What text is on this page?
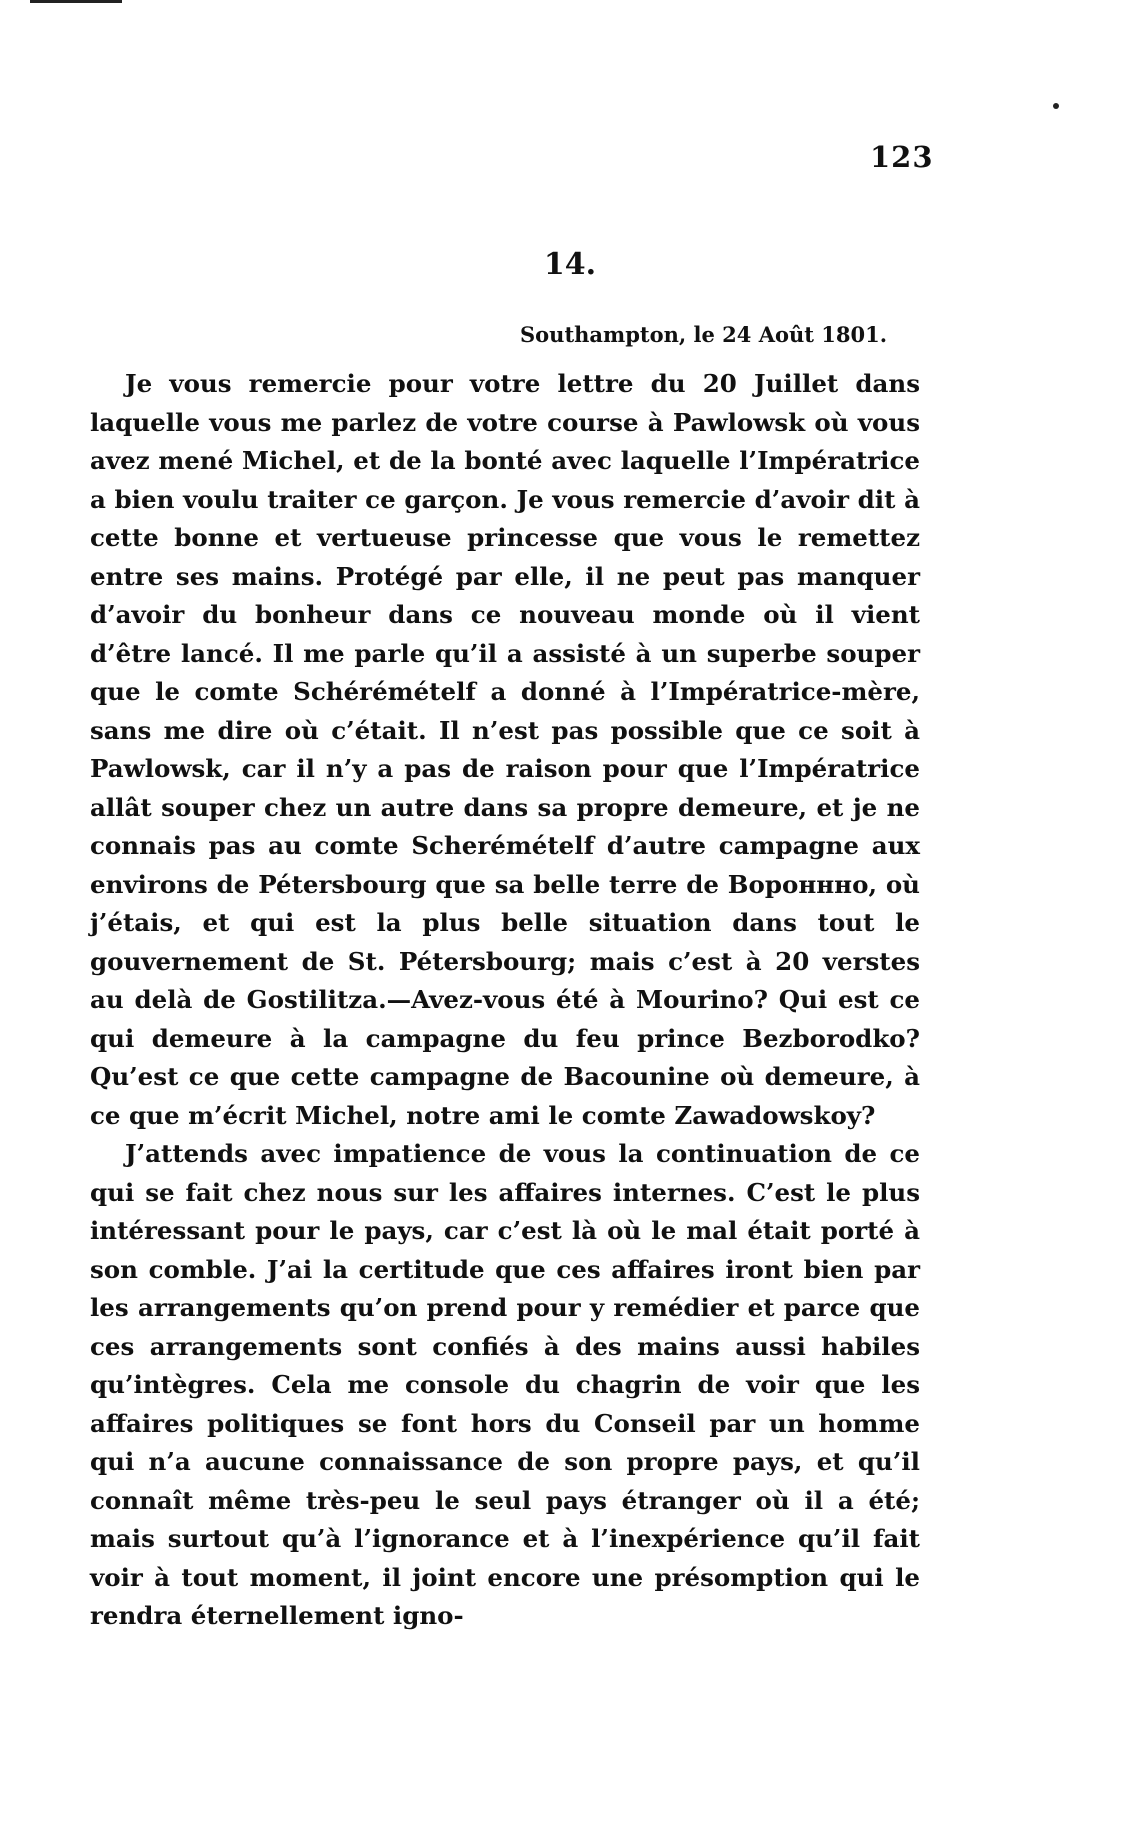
123
14.
Southampton, le 24 Août 1801.

Je vous remercie pour votre lettre du 20 Juillet dans laquelle vous me parlez de votre course à Pawlowsk où vous avez mené Michel, et de la bonté avec laquelle l’Impératrice a bien voulu traiter ce garçon. Je vous remercie d’avoir dit à cette bonne et vertueuse princesse que vous le remettez entre ses mains. Protégé par elle, il ne peut pas manquer d’avoir du bonheur dans ce nouveau monde où il vient d’être lancé. Il me parle qu’il a assisté à un superbe souper que le comte Schérémételf a donné à l’Impératrice-mère, sans me dire où c’était. Il n’est pas possible que ce soit à Pawlowsk, car il n’y a pas de raison pour que l’Impératrice allât souper chez un autre dans sa propre demeure, et je ne connais pas au comte Scherémételf d’autre campagne aux environs de Pétersbourg que sa belle terre de Вороннно, où j’étais, et qui est la plus belle situation dans tout le gouvernement de St. Pétersbourg; mais c’est à 20 verstes au delà de Gostilitza.—Avez-vous été à Mourino? Qui est ce qui demeure à la campagne du feu prince Bezborodko? Qu’est ce que cette campagne de Bacounine où demeure, à ce que m’écrit Michel, notre ami le comte Zawadowskoy?

J’attends avec impatience de vous la continuation de ce qui se fait chez nous sur les affaires internes. C’est le plus intéressant pour le pays, car c’est là où le mal était porté à son comble. J’ai la certitude que ces affaires iront bien par les arrangements qu’on prend pour y remédier et parce que ces arrangements sont confiés à des mains aussi habiles qu’intègres. Cela me console du chagrin de voir que les affaires politiques se font hors du Conseil par un homme qui n’a aucune connaissance de son propre pays, et qu’il connaît même très-peu le seul pays étranger où il a été; mais surtout qu’à l’ignorance et à l’inexpérience qu’il fait voir à tout moment, il joint encore une présomption qui le rendra éternellement igno-
